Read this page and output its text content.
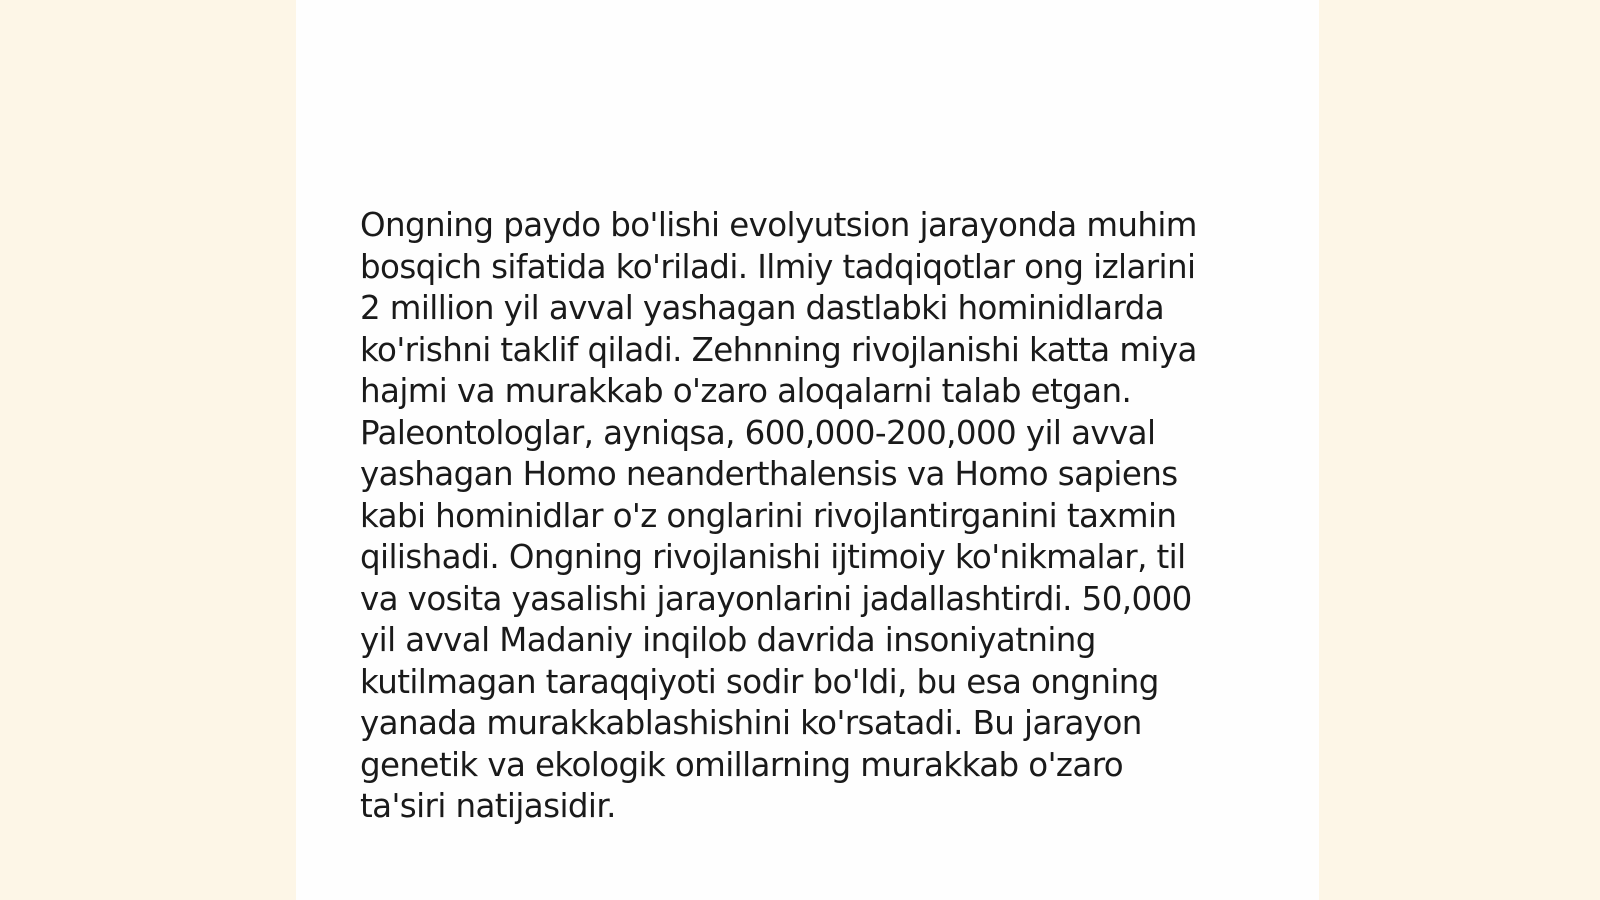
Ongning paydo bo'lishi evolyutsion jarayonda muhim
bosqich sifatida ko'riladi. Ilmiy tadqiqotlar ong izlarini
2 million yil avval yashagan dastlabki hominidlarda
ko'rishni taklif qiladi. Zehnning rivojlanishi katta miya
hajmi va murakkab o'zaro aloqalarni talab etgan.
Paleontologlar, ayniqsa, 600,000-200,000 yil avval
yashagan Homo neanderthalensis va Homo sapiens
kabi hominidlar o'z onglarini rivojlantirganini taxmin
qilishadi. Ongning rivojlanishi ijtimoiy ko'nikmalar, til
va vosita yasalishi jarayonlarini jadallashtirdi. 50,000
yil avval Madaniy inqilob davrida insoniyatning
kutilmagan taraqqiyoti sodir bo'ldi, bu esa ongning
yanada murakkablashishini ko'rsatadi. Bu jarayon
genetik va ekologik omillarning murakkab o'zaro
ta'siri natijasidir.
